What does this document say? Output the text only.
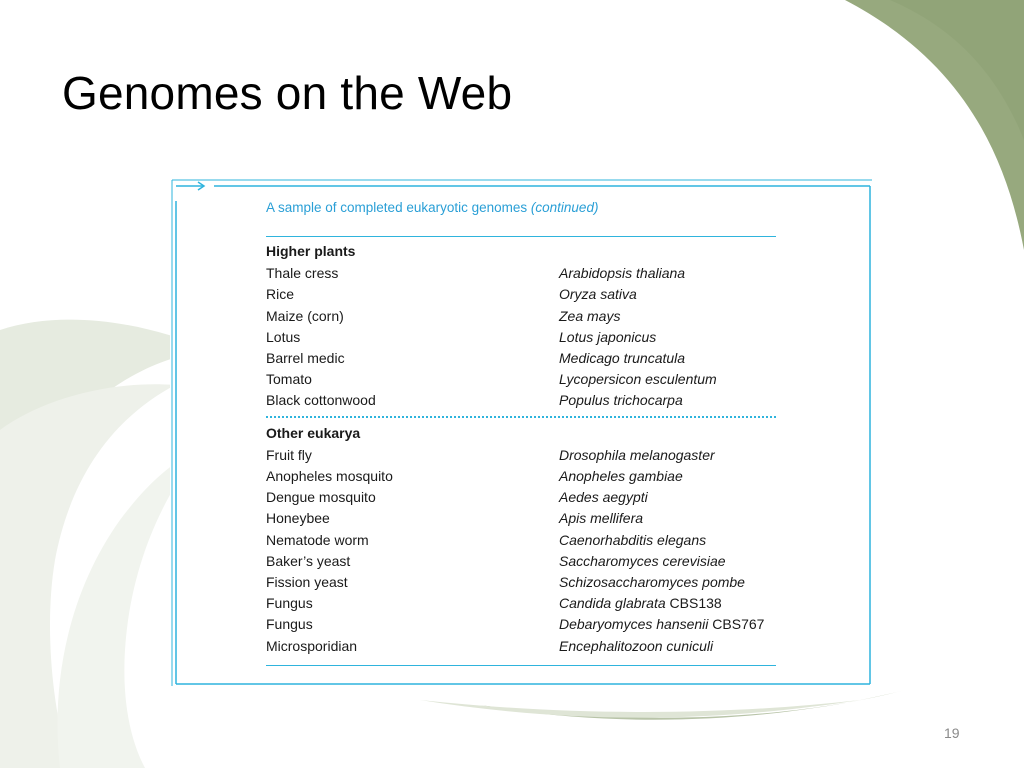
Genomes on the Web
A sample of completed eukaryotic genomes (continued)
Higher plants
Thale cress	Arabidopsis thaliana
Rice	Oryza sativa
Maize (corn)	Zea mays
Lotus	Lotus japonicus
Barrel medic	Medicago truncatula
Tomato	Lycopersicon esculentum
Black cottonwood	Populus trichocarpa
Other eukarya
Fruit fly	Drosophila melanogaster
Anopheles mosquito	Anopheles gambiae
Dengue mosquito	Aedes aegypti
Honeybee	Apis mellifera
Nematode worm	Caenorhabditis elegans
Baker’s yeast	Saccharomyces cerevisiae
Fission yeast	Schizosaccharomyces pombe
Fungus	Candida glabrata CBS138
Fungus	Debaryomyces hansenii CBS767
Microsporidian	Encephalitozoon cuniculi
19
